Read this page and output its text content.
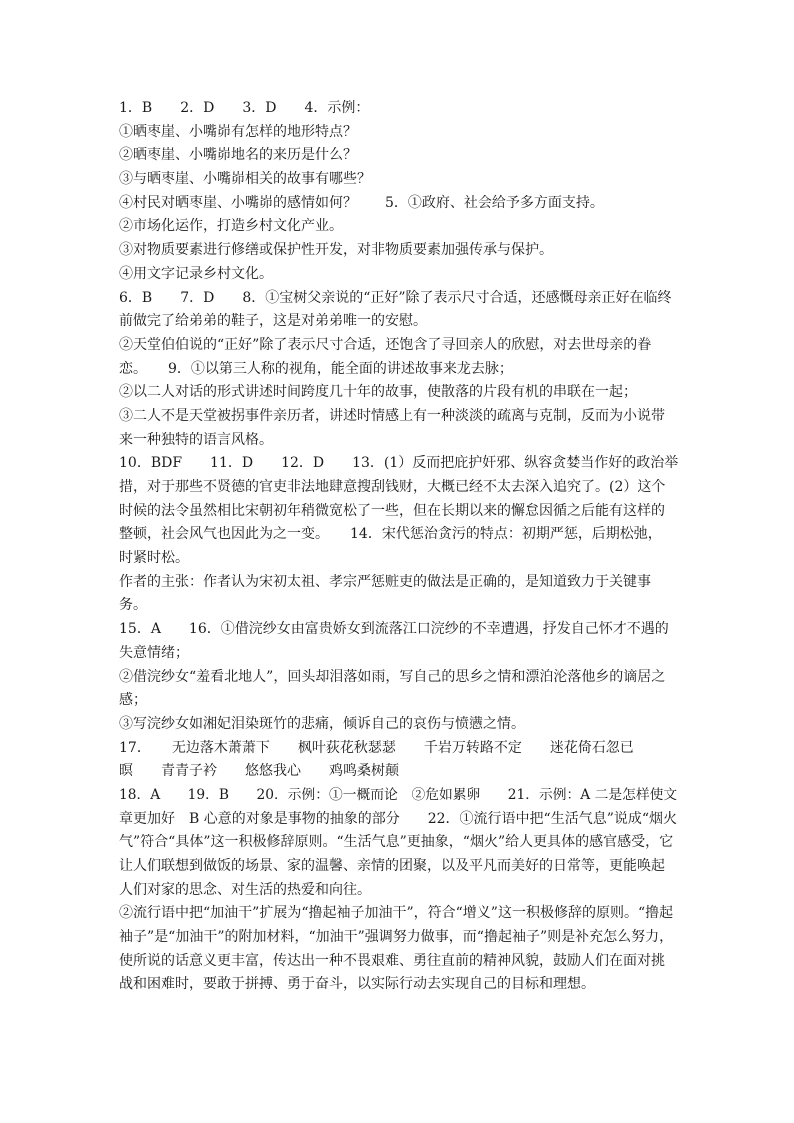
1．B　　2．D　　3．D　　4．示例：
①晒枣崖、小嘴峁有怎样的地形特点？
②晒枣崖、小嘴峁地名的来历是什么？
③与晒枣崖、小嘴峁相关的故事有哪些？
④村民对晒枣崖、小嘴峁的感情如何？　　5．①政府、社会给予多方面支持。
②市场化运作，打造乡村文化产业。
③对物质要素进行修缮或保护性开发，对非物质要素加强传承与保护。
④用文字记录乡村文化。
6．B　　7．D　　8．①宝树父亲说的“正好”除了表示尺寸合适，还感慨母亲正好在临终
前做完了给弟弟的鞋子，这是对弟弟唯一的安慰。
②天堂伯伯说的“正好”除了表示尺寸合适，还饱含了寻回亲人的欣慰，对去世母亲的眷
恋。　　9．①以第三人称的视角，能全面的讲述故事来龙去脉；
②以二人对话的形式讲述时间跨度几十年的故事，使散落的片段有机的串联在一起；
③二人不是天堂被拐事件亲历者，讲述时情感上有一种淡淡的疏离与克制，反而为小说带
来一种独特的语言风格。
10．BDF　　11．D　　12．D　　13．(1）反而把庇护奸邪、纵容贪婪当作好的政治举
措，对于那些不贤德的官吏非法地肆意搜刮钱财，大概已经不太去深入追究了。(2）这个
时候的法令虽然相比宋朝初年稍微宽松了一些，但在长期以来的懈怠因循之后能有这样的
整顿，社会风气也因此为之一变。　　14．宋代惩治贪污的特点：初期严惩，后期松弛，
时紧时松。
作者的主张：作者认为宋初太祖、孝宗严惩赃吏的做法是正确的，是知道致力于关键事
务。
15．A　　16．①借浣纱女由富贵娇女到流落江口浣纱的不幸遭遇，抒发自己怀才不遇的
失意情绪；
②借浣纱女“羞看北地人”，回头却泪落如雨，写自己的思乡之情和漂泊沦落他乡的谪居之
感；
③写浣纱女如湘妃泪染斑竹的悲痛，倾诉自己的哀伤与愤懑之情。
17．　　无边落木萧萧下　　枫叶荻花秋瑟瑟　　千岩万转路不定　　迷花倚石忽已
暝　　青青子衿　　悠悠我心　　鸡鸣桑树颠
18．A　　19．B　　20．示例：①一概而论　②危如累卵　　21．示例：A 二是怎样使文
章更加好　B 心意的对象是事物的抽象的部分　　22．①流行语中把“生活气息”说成“烟火
气”符合“具体”这一积极修辞原则。“生活气息”更抽象，“烟火”给人更具体的感官感受，它
让人们联想到做饭的场景、家的温馨、亲情的团聚，以及平凡而美好的日常等，更能唤起
人们对家的思念、对生活的热爱和向往。
②流行语中把“加油干”扩展为“撸起袖子加油干”，符合“增义”这一积极修辞的原则。“撸起
袖子”是“加油干”的附加材料，“加油干”强调努力做事，而“撸起袖子”则是补充怎么努力，
使所说的话意义更丰富，传达出一种不畏艰难、勇往直前的精神风貌，鼓励人们在面对挑
战和困难时，要敢于拼搏、勇于奋斗，以实际行动去实现自己的目标和理想。
